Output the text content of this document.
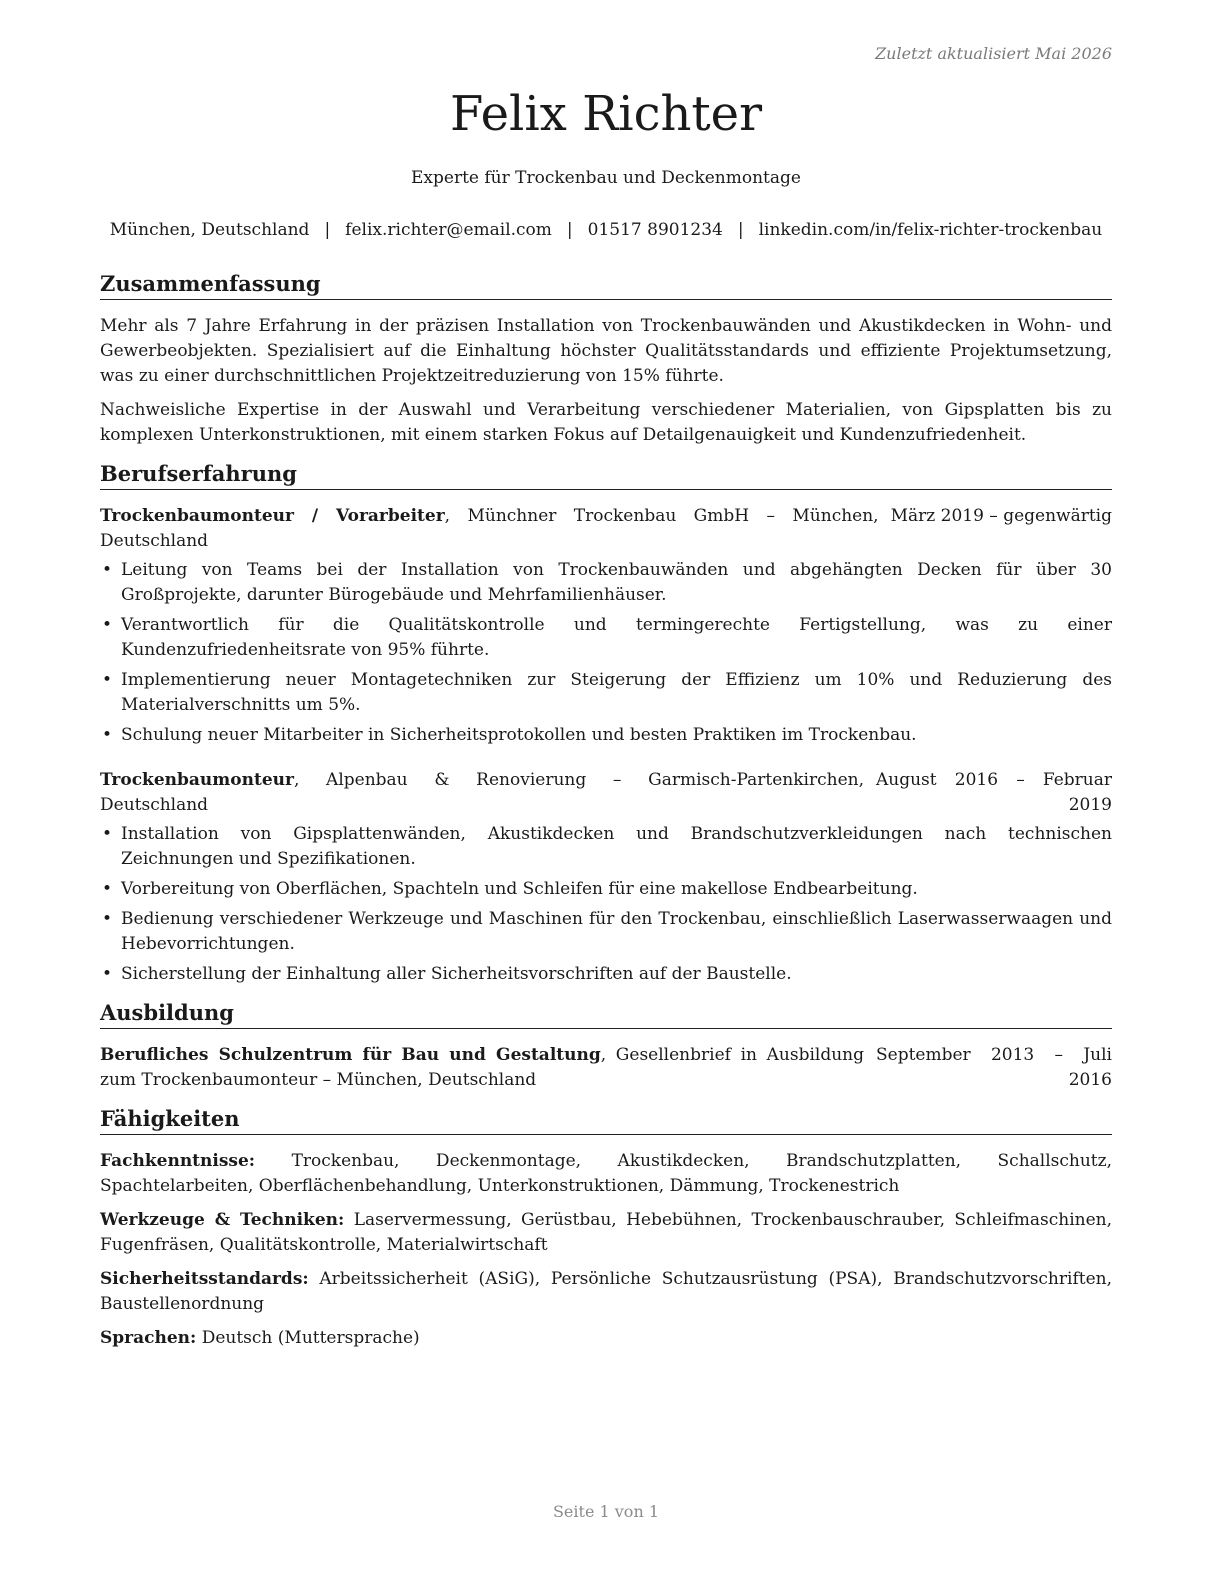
Zuletzt aktualisiert Mai 2026
Felix Richter
Experte für Trockenbau und Deckenmontage
München, Deutschland | felix.richter@email.com | 01517 8901234 | linkedin.com/in/felix-richter-trockenbau
Zusammenfassung

Mehr als 7 Jahre Erfahrung in der präzisen Installation von Trockenbauwänden und Akustikdecken in Wohn- und Gewerbeobjekten. Spezialisiert auf die Einhaltung höchster Qualitätsstandards und effiziente Projektumsetzung, was zu einer durchschnittlichen Projektzeitreduzierung von 15% führte.

Nachweisliche Expertise in der Auswahl und Verarbeitung verschiedener Materialien, von Gipsplatten bis zu komplexen Unterkonstruktionen, mit einem starken Fokus auf Detailgenauigkeit und Kundenzufriedenheit.

Berufserfahrung
Trockenbaumonteur / Vorarbeiter, Münchner Trockenbau GmbH – München, Deutschland
März 2019 – gegenwärtig
• Leitung von Teams bei der Installation von Trockenbauwänden und abgehängten Decken für über 30 Großprojekte, darunter Bürogebäude und Mehrfamilienhäuser.
• Verantwortlich für die Qualitätskontrolle und termingerechte Fertigstellung, was zu einer Kundenzufriedenheitsrate von 95% führte.
• Implementierung neuer Montagetechniken zur Steigerung der Effizienz um 10% und Reduzierung des Materialverschnitts um 5%.
• Schulung neuer Mitarbeiter in Sicherheitsprotokollen und besten Praktiken im Trockenbau.
Trockenbaumonteur, Alpenbau & Renovierung – Garmisch-Partenkirchen, Deutschland
August 2016 – Februar 2019
• Installation von Gipsplattenwänden, Akustikdecken und Brandschutzverkleidungen nach technischen Zeichnungen und Spezifikationen.
• Vorbereitung von Oberflächen, Spachteln und Schleifen für eine makellose Endbearbeitung.
• Bedienung verschiedener Werkzeuge und Maschinen für den Trockenbau, einschließlich Laserwasserwaagen und Hebevorrichtungen.
• Sicherstellung der Einhaltung aller Sicherheitsvorschriften auf der Baustelle.
Ausbildung
Berufliches Schulzentrum für Bau und Gestaltung, Gesellenbrief in Ausbildung zum Trockenbaumonteur – München, Deutschland
September 2013 – Juli 2016
Fähigkeiten

Fachkenntnisse: Trockenbau, Deckenmontage, Akustikdecken, Brandschutzplatten, Schallschutz, Spachtelarbeiten, Oberflächenbehandlung, Unterkonstruktionen, Dämmung, Trockenestrich

Werkzeuge & Techniken: Laservermessung, Gerüstbau, Hebebühnen, Trockenbauschrauber, Schleifmaschinen, Fugenfräsen, Qualitätskontrolle, Materialwirtschaft

Sicherheitsstandards: Arbeitssicherheit (ASiG), Persönliche Schutzausrüstung (PSA), Brandschutzvorschriften, Baustellenordnung

Sprachen: Deutsch (Muttersprache)

Seite 1 von 1
